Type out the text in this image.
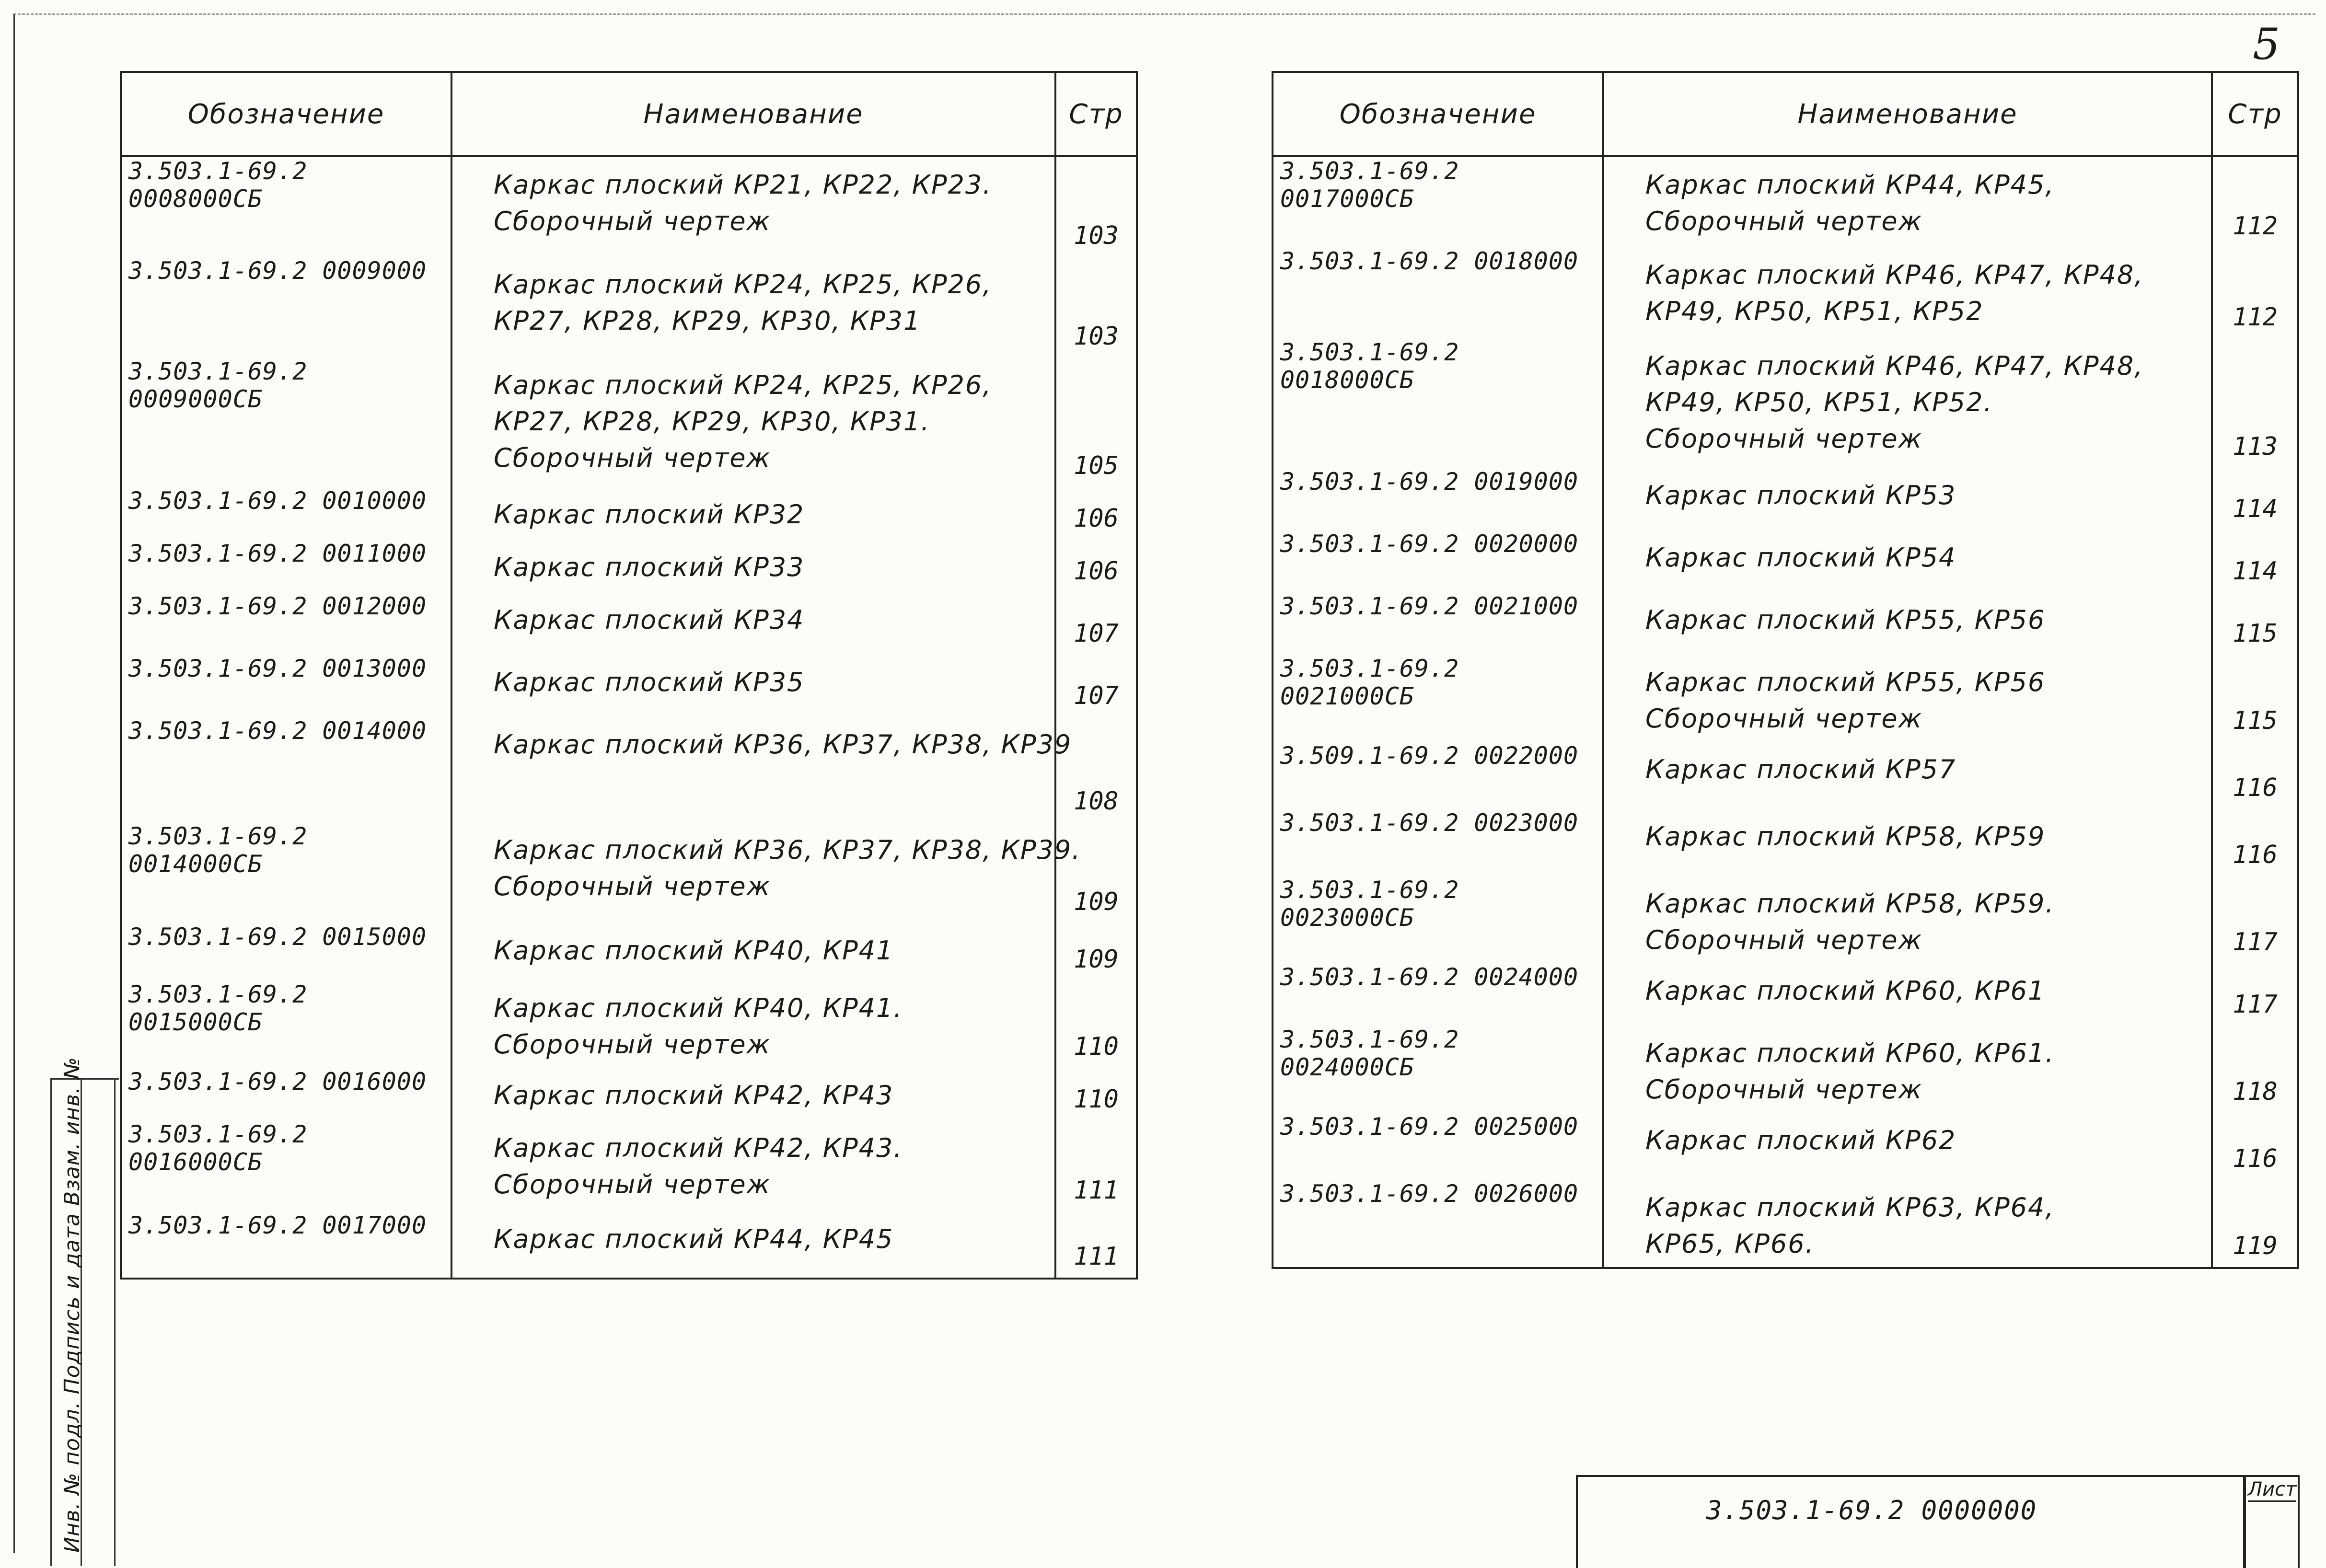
5
Обозначение	Наименование	Стр
3.503.1-69.2 0008000СБ	Каркас плоский КР21, КР22, КР23.
Сборочный чертеж	103
3.503.1-69.2 0009000	Каркас плоский КР24, КР25, КР26,
КР27, КР28, КР29, КР30, КР31	103
3.503.1-69.2 0009000СБ	Каркас плоский КР24, КР25, КР26,
КР27, КР28, КР29, КР30, КР31.
Сборочный чертеж	105
3.503.1-69.2 0010000	Каркас плоский КР32	106
3.503.1-69.2 0011000	Каркас плоский КР33	106
3.503.1-69.2 0012000	Каркас плоский КР34	107
3.503.1-69.2 0013000	Каркас плоский КР35	107
3.503.1-69.2 0014000	Каркас плоский КР36, КР37, КР38, КР39	108
3.503.1-69.2 0014000СБ	Каркас плоский КР36, КР37, КР38, КР39.
Сборочный чертеж	109
3.503.1-69.2 0015000	Каркас плоский КР40, КР41	109
3.503.1-69.2 0015000СБ	Каркас плоский КР40, КР41.
Сборочный чертеж	110
3.503.1-69.2 0016000	Каркас плоский КР42, КР43	110
3.503.1-69.2 0016000СБ	Каркас плоский КР42, КР43.
Сборочный чертеж	111
3.503.1-69.2 0017000	Каркас плоский КР44, КР45	111
Обозначение	Наименование	Стр
3.503.1-69.2 0017000СБ	Каркас плоский КР44, КР45,
Сборочный чертеж	112
3.503.1-69.2 0018000	Каркас плоский КР46, КР47, КР48,
КР49, КР50, КР51, КР52	112
3.503.1-69.2 0018000СБ	Каркас плоский КР46, КР47, КР48,
КР49, КР50, КР51, КР52.
Сборочный чертеж	113
3.503.1-69.2 0019000	Каркас плоский КР53	114
3.503.1-69.2 0020000	Каркас плоский КР54	114
3.503.1-69.2 0021000	Каркас плоский КР55, КР56	115
3.503.1-69.2 0021000СБ	Каркас плоский КР55, КР56
Сборочный чертеж	115
3.509.1-69.2 0022000	Каркас плоский КР57	116
3.503.1-69.2 0023000	Каркас плоский КР58, КР59	116
3.503.1-69.2 0023000СБ	Каркас плоский КР58, КР59.
Сборочный чертеж	117
3.503.1-69.2 0024000	Каркас плоский КР60, КР61	117
3.503.1-69.2 0024000СБ	Каркас плоский КР60, КР61.
Сборочный чертеж	118
3.503.1-69.2 0025000	Каркас плоский КР62	116
3.503.1-69.2 0026000	Каркас плоский КР63, КР64,
КР65, КР66.	119
3.503.1-69.2 0000000
Лист
Инв. № подл. Подпись и дата Взам. инв. №
